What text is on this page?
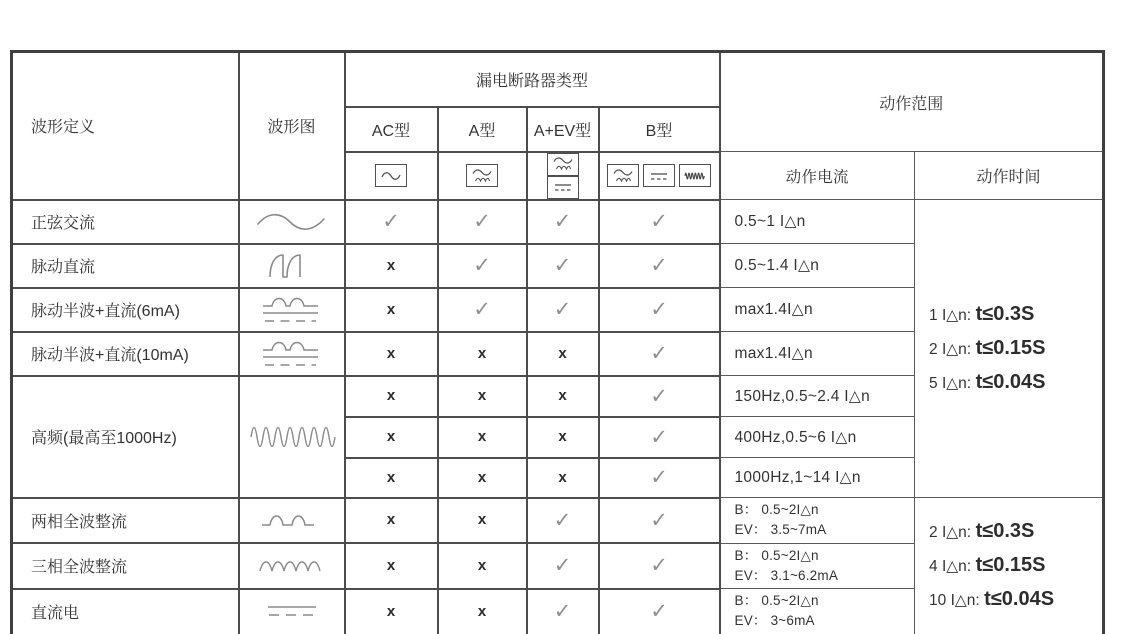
波形定义	波形图	漏电断路器类型				动作范围	
		AC型	A型	A+EV型	B型		

	动作电流	动作时间
正弦交流		✓	✓	✓	✓	0.5~1 I△n	1 I△n: t≤0.3S
2 I△n: t≤0.15S
5 I△n: t≤0.04S

脉动直流		x	✓	✓	✓	0.5~1.4 I△n	
脉动半波+直流(6mA)		x	✓	✓	✓	max1.4I△n	
脉动半波+直流(10mA)		x	x	x	✓	max1.4I△n	
高频(最高至1000Hz)		x	x	x	✓	150Hz,0.5~2.4 I△n	
		x	x	x	✓	400Hz,0.5~6 I△n	
		x	x	x	✓	1000Hz,1~14 I△n	
两相全波整流		x	x	✓	✓	B： 0.5~2I△n
EV： 3.5~7mA	2 I△n: t≤0.3S
4 I△n: t≤0.15S
10 I△n: t≤0.04S

三相全波整流		x	x	✓	✓	B： 0.5~2I△n
EV： 3.1~6.2mA	

直流电		x	x	✓	✓	B： 0.5~2I△n
EV： 3~6mA	
